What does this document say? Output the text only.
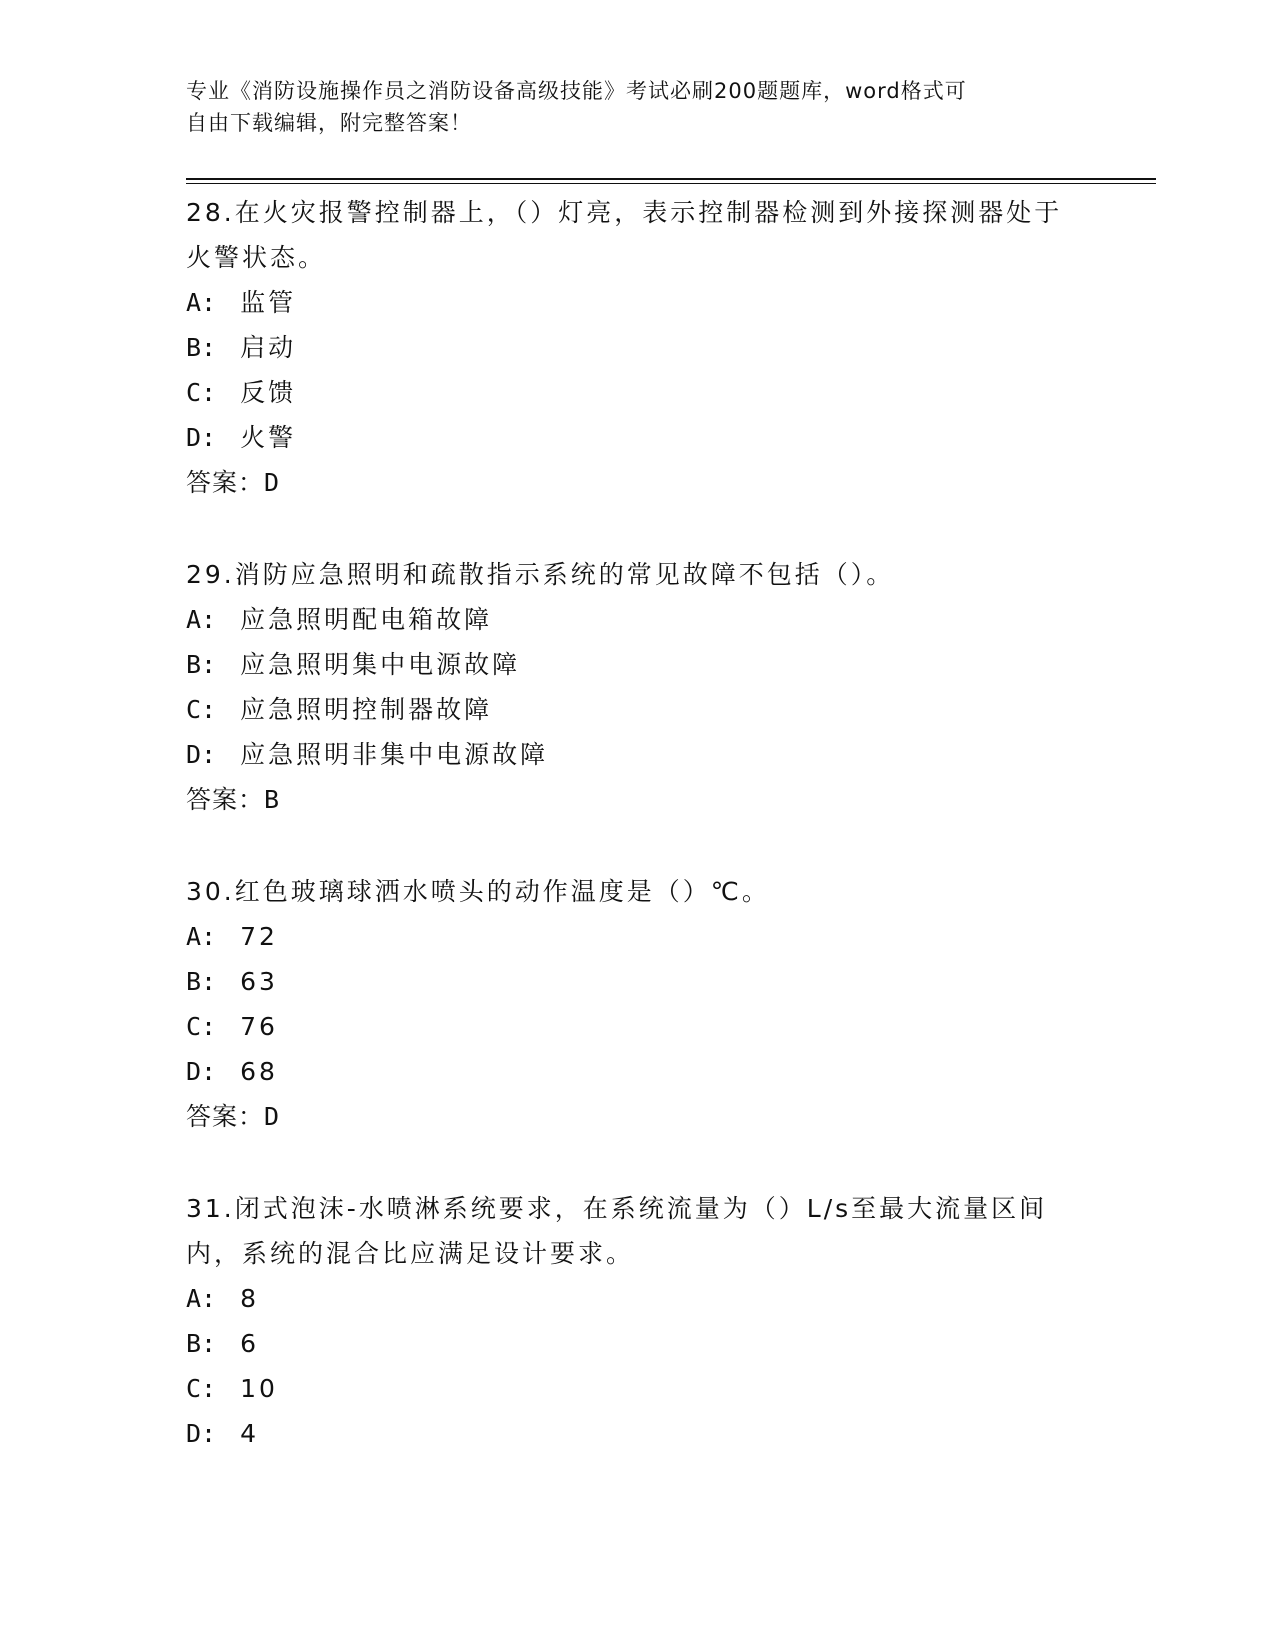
专业《消防设施操作员之消防设备高级技能》考试必刷200题题库，word格式可
自由下载编辑，附完整答案！
28.在火灾报警控制器上，（）灯亮，表示控制器检测到外接探测器处于火警状态。
A: 监管
B: 启动
C: 反馈
D: 火警
答案：D
29.消防应急照明和疏散指示系统的常见故障不包括（）。
A: 应急照明配电箱故障
B: 应急照明集中电源故障
C: 应急照明控制器故障
D: 应急照明非集中电源故障
答案：B
30.红色玻璃球洒水喷头的动作温度是（）℃。
A: 72
B: 63
C: 76
D: 68
答案：D
31.闭式泡沫-水喷淋系统要求，在系统流量为（）L/s至最大流量区间内，系统的混合比应满足设计要求。
A: 8
B: 6
C: 10
D: 4
